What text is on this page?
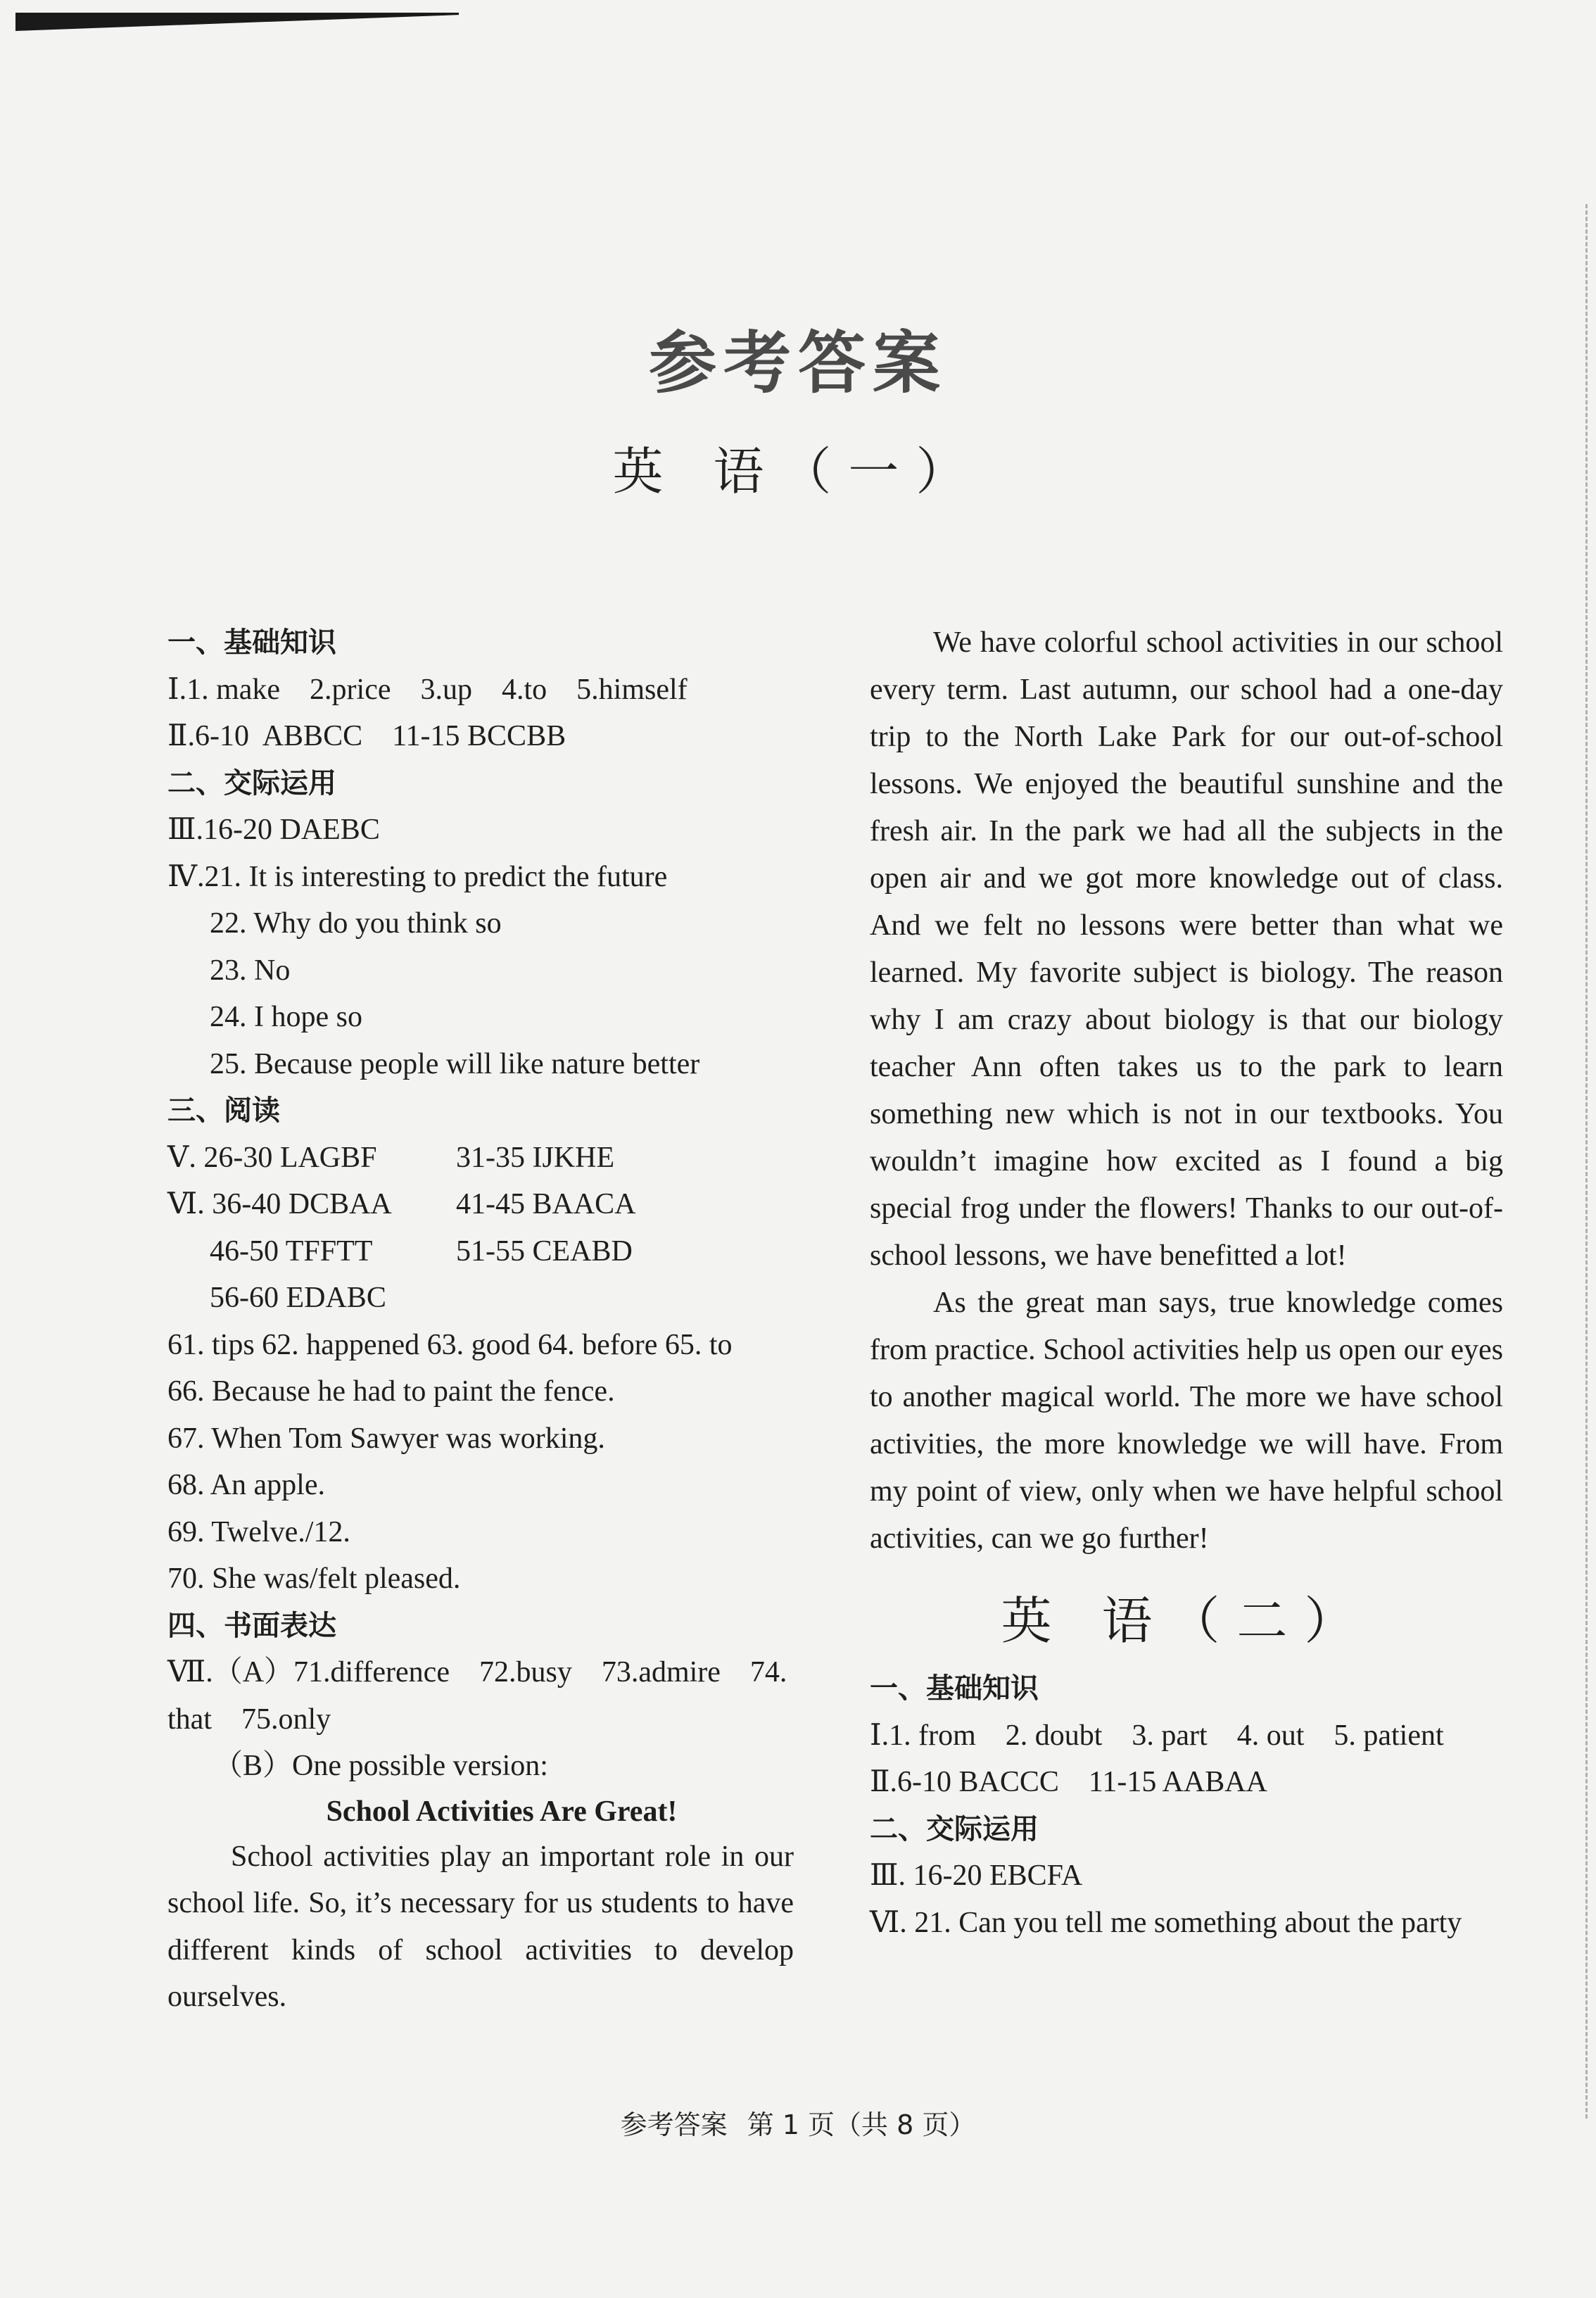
参考答案
英 语（一）
一、基础知识
Ⅰ.1. make    2.price    3.up    4.to    5.himself
Ⅱ.6-10  ABBCC    11-15 BCCBB
二、交际运用
Ⅲ.16-20 DAEBC
Ⅳ.21. It is interesting to predict the future
22. Why do you think so
23. No
24. I hope so
25. Because people will like nature better
三、阅读
Ⅴ. 26-30 LAGBF	31-35 IJKHE
Ⅵ. 36-40 DCBAA	41-45 BAACA
46-50 TFFTT	51-55 CEABD
56-60 EDABC
61. tips 62. happened 63. good 64. before 65. to
66. Because he had to paint the fence.
67. When Tom Sawyer was working.
68. An apple.
69. Twelve./12.
70. She was/felt pleased.
四、书面表达
Ⅶ.（A）71.difference    72.busy    73.admire    74.
that    75.only
（B）One possible version:
School Activities Are Great!

School activities play an important role in our school life. So, it’s necessary for us students to have different kinds of school activities to develop ourselves.

We have colorful school activities in our school every term. Last autumn, our school had a one-day trip to the North Lake Park for our out-of-school lessons. We enjoyed the beautiful sunshine and the fresh air. In the park we had all the subjects in the open air and we got more knowledge out of class. And we felt no lessons were better than what we learned. My favorite subject is biology. The reason why I am crazy about biology is that our biology teacher Ann often takes us to the park to learn something new which is not in our textbooks. You wouldn’t imagine how excited as I found a big special frog under the flowers! Thanks to our out-of-school lessons, we have benefitted a lot!

As the great man says, true knowledge comes from practice. School activities help us open our eyes to another magical world. The more we have school activities, the more knowledge we will have. From my point of view, only when we have helpful school activities, can we go further!

英 语（二）
一、基础知识
Ⅰ.1. from    2. doubt    3. part    4. out    5. patient
Ⅱ.6-10 BACCC    11-15 AABAA
二、交际运用
Ⅲ. 16-20 EBCFA
Ⅵ. 21. Can you tell me something about the party
参考答案 第 1 页（共 8 页）
